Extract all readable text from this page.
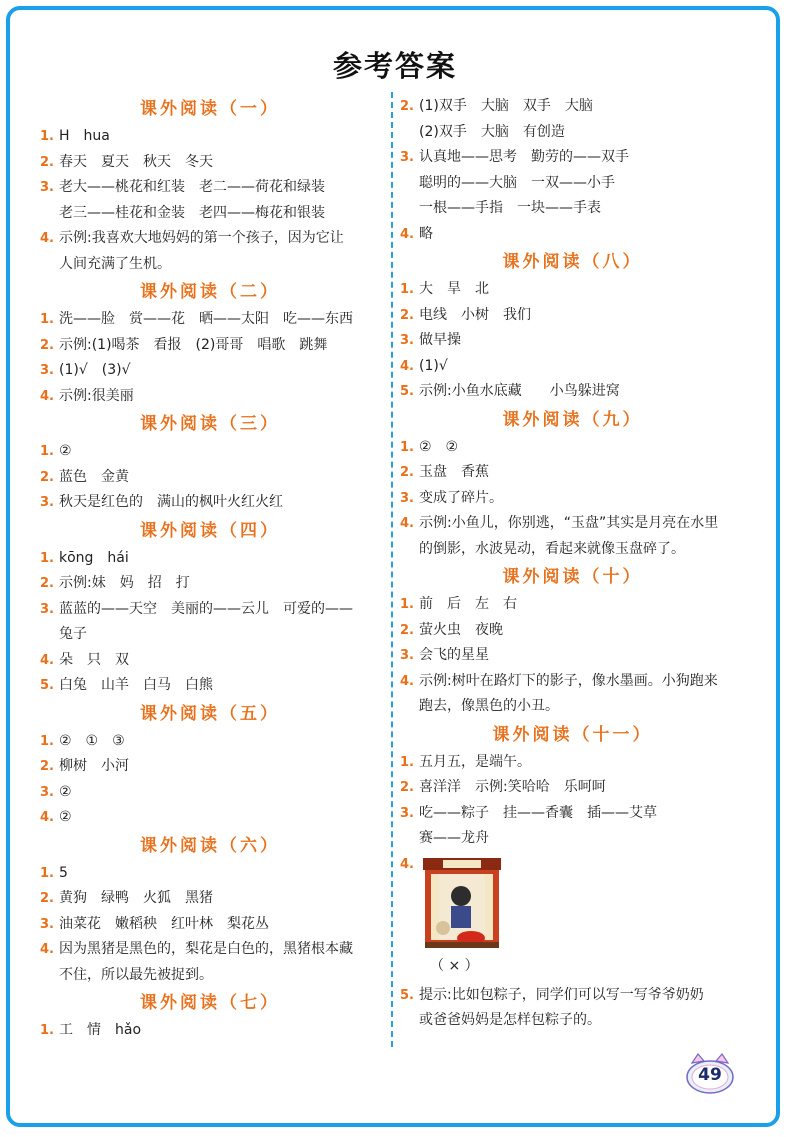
参考答案
课外阅读（一）
1. H　hua
2. 春天　夏天　秋天　冬天
3. 老大——桃花和红装　老二——荷花和绿装
老三——桂花和金装　老四——梅花和银装
4. 示例:我喜欢大地妈妈的第一个孩子，因为它让
人间充满了生机。
课外阅读（二）
1. 洗——脸　赏——花　晒——太阳　吃——东西
2. 示例:(1)喝茶　看报　(2)哥哥　唱歌　跳舞
3. (1)√　(3)√
4. 示例:很美丽
课外阅读（三）
1. ②
2. 蓝色　金黄
3. 秋天是红色的　满山的枫叶火红火红
课外阅读（四）
1. kōng　hái
2. 示例:妹　妈　招　打
3. 蓝蓝的——天空　美丽的——云儿　可爱的——
兔子
4. 朵　只　双
5. 白兔　山羊　白马　白熊
课外阅读（五）
1. ②　①　③
2. 柳树　小河
3. ②
4. ②
课外阅读（六）
1. 5
2. 黄狗　绿鸭　火狐　黑猪
3. 油菜花　嫩稻秧　红叶林　梨花丛
4. 因为黑猪是黑色的，梨花是白色的，黑猪根本藏
不住，所以最先被捉到。
课外阅读（七）
1. 工　情　hǎo
2. (1)双手　大脑　双手　大脑
(2)双手　大脑　有创造
3. 认真地——思考　勤劳的——双手
聪明的——大脑　一双——小手
一根——手指　一块——手表
4. 略
课外阅读（八）
1. 大　旱　北
2. 电线　小树　我们
3. 做早操
4. (1)√
5. 示例:小鱼水底藏　　小鸟躲进窝
课外阅读（九）
1. ②　②
2. 玉盘　香蕉
3. 变成了碎片。
4. 示例:小鱼儿，你别逃，“玉盘”其实是月亮在水里
的倒影，水波晃动，看起来就像玉盘碎了。
课外阅读（十）
1. 前　后　左　右
2. 萤火虫　夜晚
3. 会飞的星星
4. 示例:树叶在路灯下的影子，像水墨画。小狗跑来
跑去，像黑色的小丑。
课外阅读（十一）
1. 五月五，是端午。
2. 喜洋洋　示例:笑哈哈　乐呵呵
3. 吃——粽子　挂——香囊　插——艾草
赛——龙舟
4.
（ × ）
5. 提示:比如包粽子，同学们可以写一写爷爷奶奶
或爸爸妈妈是怎样包粽子的。
49
